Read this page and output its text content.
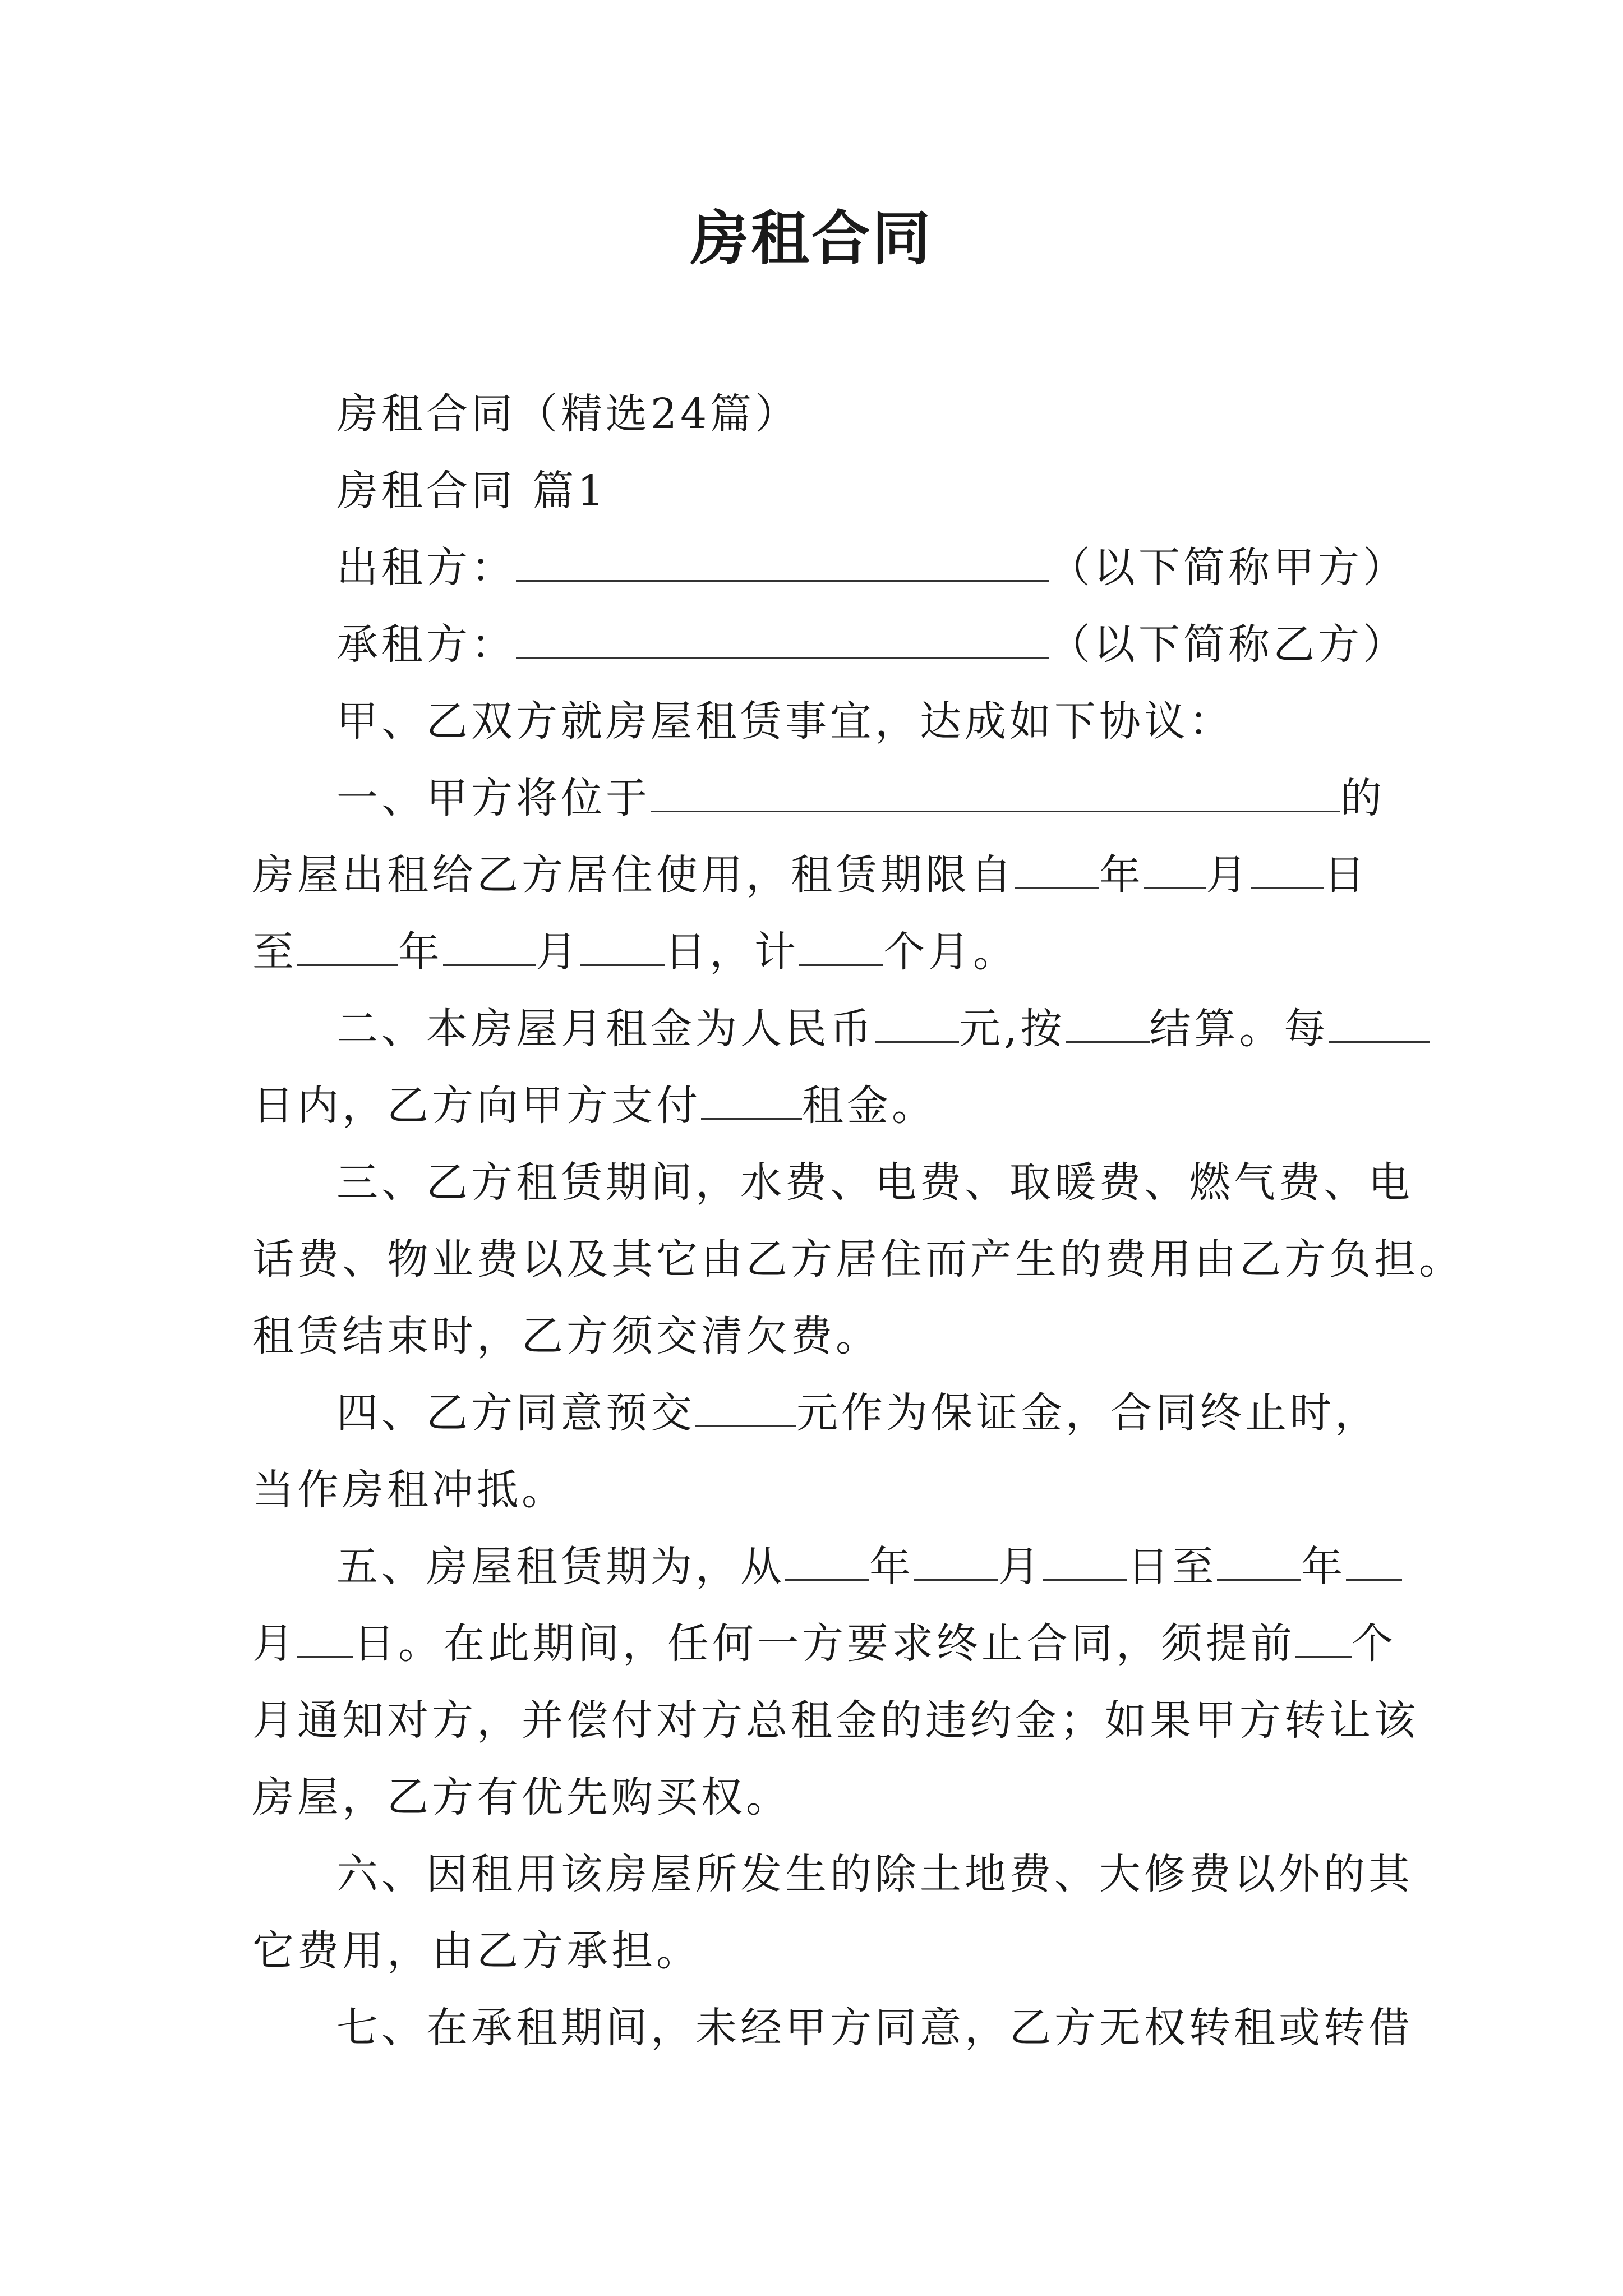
房租合同
房租合同（精选24篇）
房租合同 篇1
出租方：	（以下简称甲方）
承租方：	（以下简称乙方）
甲、乙双方就房屋租赁事宜，达成如下协议：
一、甲方将位于	的
房屋出租给乙方居住使用，租赁期限自 年 月 日
至 年 月 日，计 个月。
二、本房屋月租金为人民币 元,按 结算。每
日内，乙方向甲方支付 租金。
三、乙方租赁期间，水费、电费、取暖费、燃气费、电
话费、物业费以及其它由乙方居住而产生的费用由乙方负担。
租赁结束时，乙方须交清欠费。
四、乙方同意预交 元作为保证金，合同终止时，
当作房租冲抵。
五、房屋租赁期为，从 年 月 日至 年
月 日。在此期间，任何一方要求终止合同，须提前 个
月通知对方，并偿付对方总租金的违约金；如果甲方转让该
房屋，乙方有优先购买权。
六、因租用该房屋所发生的除土地费、大修费以外的其
它费用，由乙方承担。
七、在承租期间，未经甲方同意，乙方无权转租或转借
